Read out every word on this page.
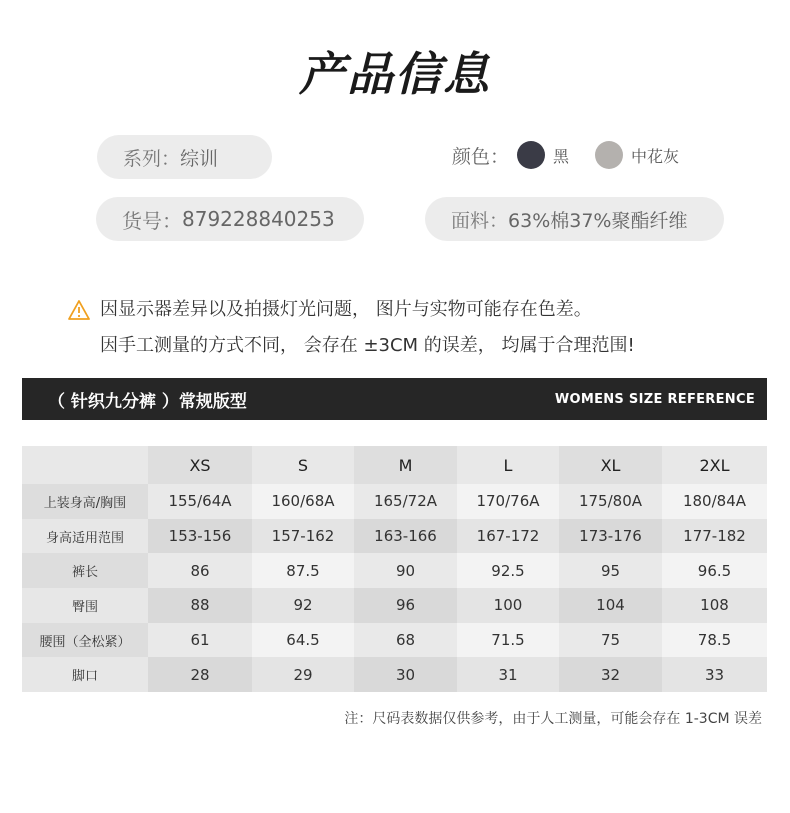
产品信息
系列： 综训
货号： 879228840253
颜色：	黑	中花灰
面料： 63%棉37%聚酯纤维
因显示器差异以及拍摄灯光问题， 图片与实物可能存在色差。
因手工测量的方式不同， 会存在 ±3CM 的误差， 均属于合理范围!
（ 针织九分裤 ）常规版型	WOMENS SIZE REFERENCE
	XS	S	M	L	XL	2XL
上装身高/胸围	155/64A	160/68A	165/72A	170/76A	175/80A	180/84A
身高适用范围	153-156	157-162	163-166	167-172	173-176	177-182
裤长	86	87.5	90	92.5	95	96.5
臀围	88	92	96	100	104	108
腰围（全松紧）	61	64.5	68	71.5	75	78.5
脚口	28	29	30	31	32	33
注：尺码表数据仅供参考，由于人工测量，可能会存在 1-3CM 误差
